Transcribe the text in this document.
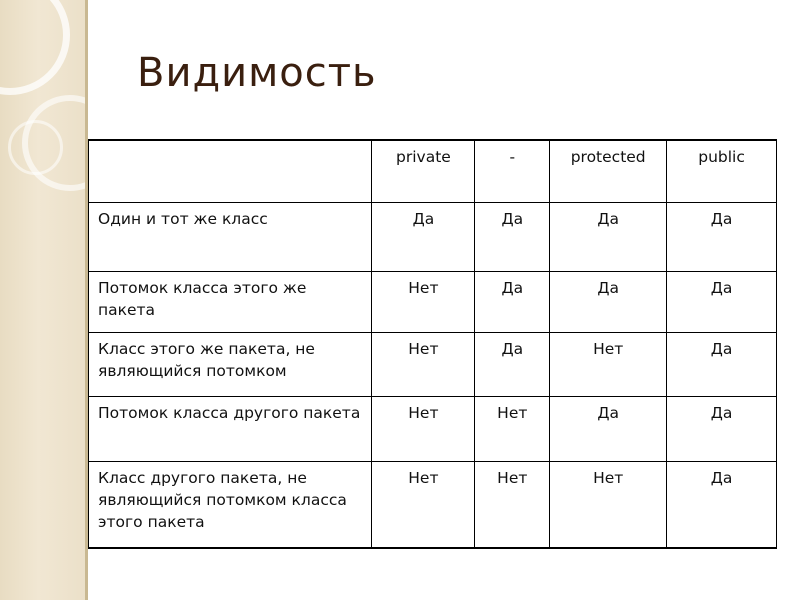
Видимость
	private	-	protected	public
Один и тот же класс	Да	Да	Да	Да
Потомок класса этого же пакета	Нет	Да	Да	Да
Класс этого же пакета, не являющийся потомком	Нет	Да	Нет	Да
Потомок класса другого пакета	Нет	Нет	Да	Да
Класс другого пакета, не являющийся потомком класса этого пакета	Нет	Нет	Нет	Да
